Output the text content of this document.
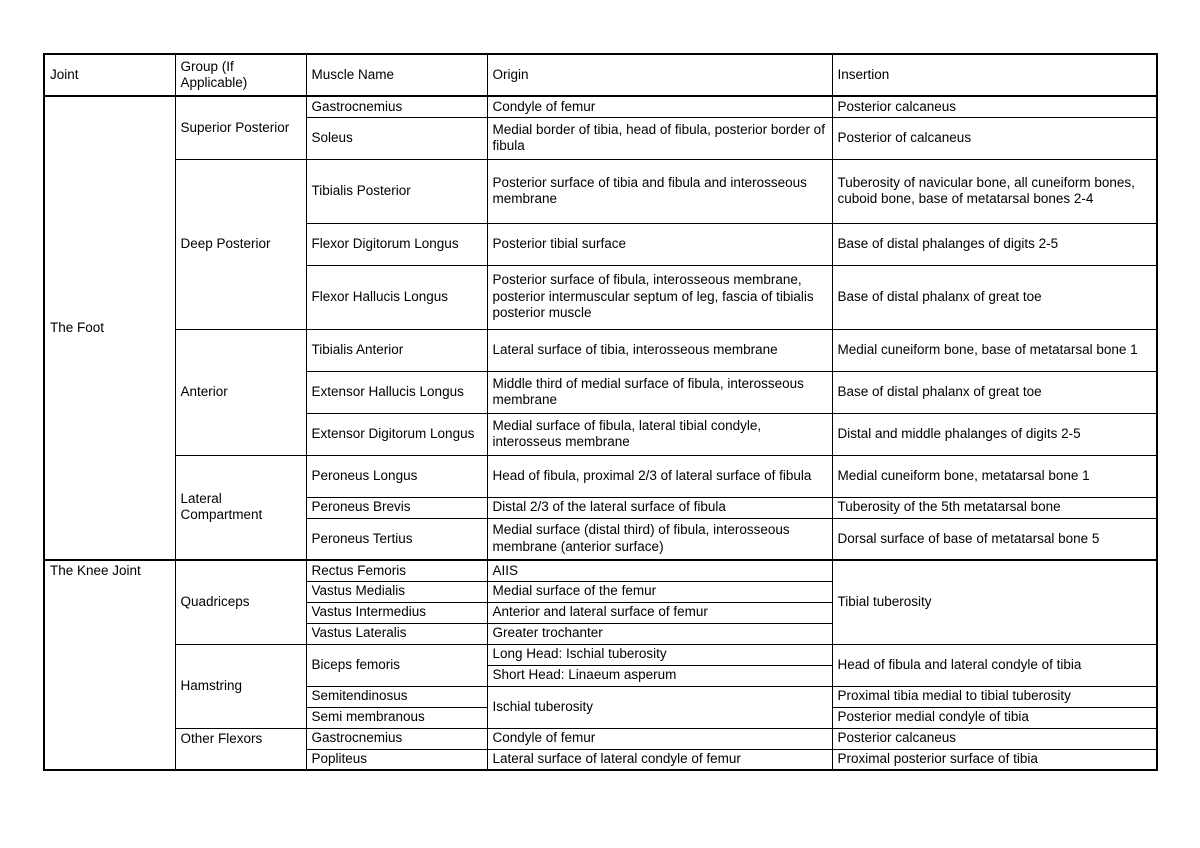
Joint	Group (If Applicable)	Muscle Name	Origin	Insertion
The Foot	Superior Posterior	Gastrocnemius	Condyle of femur	Posterior calcaneus
		Soleus	Medial border of tibia, head of fibula, posterior border of fibula	Posterior of calcaneus
	Deep Posterior	Tibialis Posterior	Posterior surface of tibia and fibula and interosseous membrane	Tuberosity of navicular bone, all cuneiform bones, cuboid bone, base of metatarsal bones 2-4
		Flexor Digitorum Longus	Posterior tibial surface	Base of distal phalanges of digits 2-5
		Flexor Hallucis Longus	Posterior surface of fibula, interosseous membrane, posterior intermuscular septum of leg, fascia of tibialis posterior muscle	Base of distal phalanx of great toe
	Anterior	Tibialis Anterior	Lateral surface of tibia, interosseous membrane	Medial cuneiform bone, base of metatarsal bone 1
		Extensor Hallucis Longus	Middle third of medial surface of fibula, interosseous membrane	Base of distal phalanx of great toe
		Extensor Digitorum Longus	Medial surface of fibula, lateral tibial condyle, interosseus membrane	Distal and middle phalanges of digits 2-5
	Lateral Compartment	Peroneus Longus	Head of fibula, proximal 2/3 of lateral surface of fibula	Medial cuneiform bone, metatarsal bone 1
		Peroneus Brevis	Distal 2/3 of the lateral surface of fibula	Tuberosity of the 5th metatarsal bone
		Peroneus Tertius	Medial surface (distal third) of fibula, interosseous membrane (anterior surface)	Dorsal surface of base of metatarsal bone 5
The Knee Joint	Quadriceps	Rectus Femoris	AIIS	Tibial tuberosity
		Vastus Medialis	Medial surface of the femur	
		Vastus Intermedius	Anterior and lateral surface of femur	
		Vastus Lateralis	Greater trochanter	
	Hamstring	Biceps femoris	Long Head: Ischial tuberosity	Head of fibula and lateral condyle of tibia
			Short Head: Linaeum asperum	
		Semitendinosus	Ischial tuberosity	Proximal tibia medial to tibial tuberosity
		Semi membranous		Posterior medial condyle of tibia
	Other Flexors	Gastrocnemius	Condyle of femur	Posterior calcaneus
		Popliteus	Lateral surface of lateral condyle of femur	Proximal posterior surface of tibia
